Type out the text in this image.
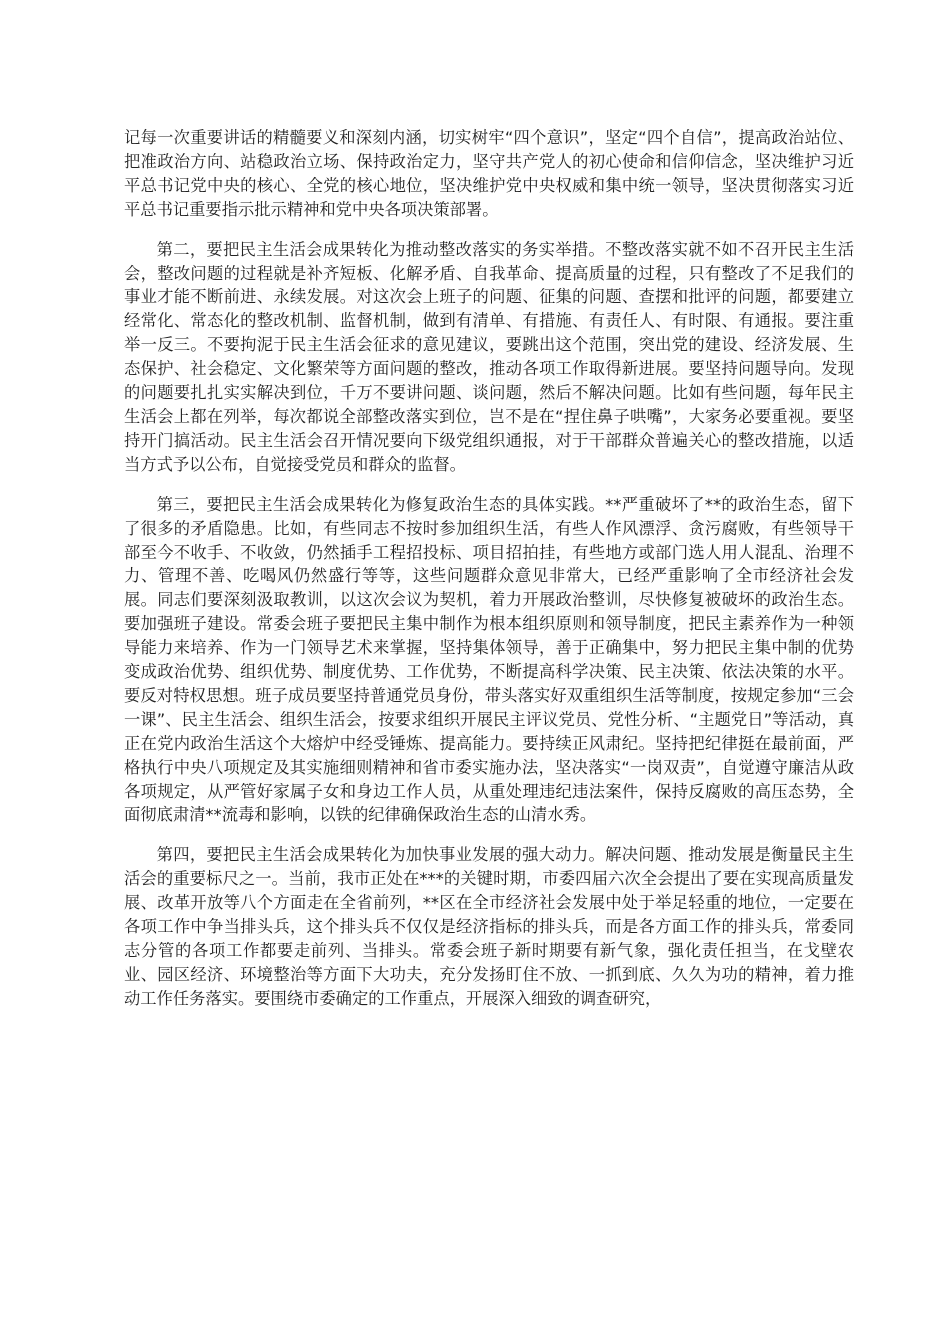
记每一次重要讲话的精髓要义和深刻内涵，切实树牢“四个意识”，坚定“四个自信”，提高政治站位、把准政治方向、站稳政治立场、保持政治定力，坚守共产党人的初心使命和信仰信念，坚决维护习近平总书记党中央的核心、全党的核心地位，坚决维护党中央权威和集中统一领导，坚决贯彻落实习近平总书记重要指示批示精神和党中央各项决策部署。

第二，要把民主生活会成果转化为推动整改落实的务实举措。不整改落实就不如不召开民主生活会，整改问题的过程就是补齐短板、化解矛盾、自我革命、提高质量的过程，只有整改了不足我们的事业才能不断前进、永续发展。对这次会上班子的问题、征集的问题、查摆和批评的问题，都要建立经常化、常态化的整改机制、监督机制，做到有清单、有措施、有责任人、有时限、有通报。要注重举一反三。不要拘泥于民主生活会征求的意见建议，要跳出这个范围，突出党的建设、经济发展、生态保护、社会稳定、文化繁荣等方面问题的整改，推动各项工作取得新进展。要坚持问题导向。发现的问题要扎扎实实解决到位，千万不要讲问题、谈问题，然后不解决问题。比如有些问题，每年民主生活会上都在列举，每次都说全部整改落实到位，岂不是在“捏住鼻子哄嘴”，大家务必要重视。要坚持开门搞活动。民主生活会召开情况要向下级党组织通报，对于干部群众普遍关心的整改措施，以适当方式予以公布，自觉接受党员和群众的监督。

第三，要把民主生活会成果转化为修复政治生态的具体实践。**严重破坏了**的政治生态，留下了很多的矛盾隐患。比如，有些同志不按时参加组织生活，有些人作风漂浮、贪污腐败，有些领导干部至今不收手、不收敛，仍然插手工程招投标、项目招拍挂，有些地方或部门选人用人混乱、治理不力、管理不善、吃喝风仍然盛行等等，这些问题群众意见非常大，已经严重影响了全市经济社会发展。同志们要深刻汲取教训，以这次会议为契机，着力开展政治整训，尽快修复被破坏的政治生态。要加强班子建设。常委会班子要把民主集中制作为根本组织原则和领导制度，把民主素养作为一种领导能力来培养、作为一门领导艺术来掌握，坚持集体领导，善于正确集中，努力把民主集中制的优势变成政治优势、组织优势、制度优势、工作优势，不断提高科学决策、民主决策、依法决策的水平。要反对特权思想。班子成员要坚持普通党员身份，带头落实好双重组织生活等制度，按规定参加“三会一课”、民主生活会、组织生活会，按要求组织开展民主评议党员、党性分析、“主题党日”等活动，真正在党内政治生活这个大熔炉中经受锤炼、提高能力。要持续正风肃纪。坚持把纪律挺在最前面，严格执行中央八项规定及其实施细则精神和省市委实施办法，坚决落实“一岗双责”，自觉遵守廉洁从政各项规定，从严管好家属子女和身边工作人员，从重处理违纪违法案件，保持反腐败的高压态势，全面彻底肃清**流毒和影响，以铁的纪律确保政治生态的山清水秀。

第四，要把民主生活会成果转化为加快事业发展的强大动力。解决问题、推动发展是衡量民主生活会的重要标尺之一。当前，我市正处在***的关键时期，市委四届六次全会提出了要在实现高质量发展、改革开放等八个方面走在全省前列，**区在全市经济社会发展中处于举足轻重的地位，一定要在各项工作中争当排头兵，这个排头兵不仅仅是经济指标的排头兵，而是各方面工作的排头兵，常委同志分管的各项工作都要走前列、当排头。常委会班子新时期要有新气象，强化责任担当，在戈壁农业、园区经济、环境整治等方面下大功夫，充分发扬盯住不放、一抓到底、久久为功的精神，着力推动工作任务落实。要围绕市委确定的工作重点，开展深入细致的调查研究，
